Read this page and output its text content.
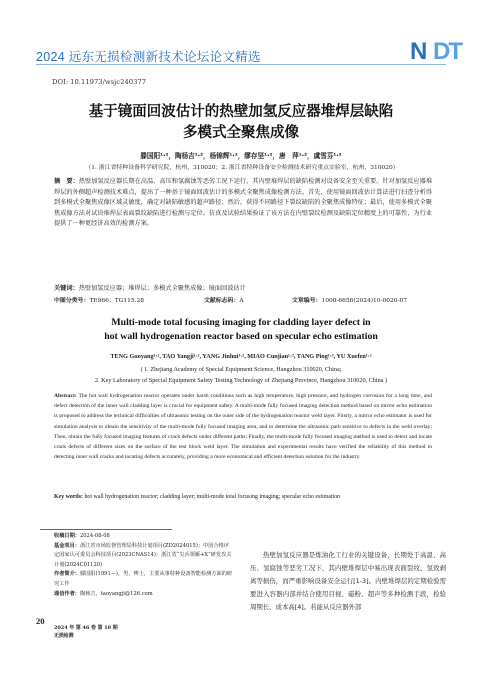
2024 远东无损检测新技术论坛论文精选	N DT
DOI: 10.11973/wsjc240377
基于镜面回波估计的热壁加氢反应器堆焊层缺陷
多模式全聚焦成像
滕国阳¹·²，陶杨吉¹·²，杨锦辉¹·²，缪存坚¹·²，唐　萍¹·²，虞雪芬¹·²
（1. 浙江省特种设备科学研究院，杭州，310020；2. 浙江省特种设备安全检测技术研究重点实验室，杭州，310020）
摘　要：热壁加氢反应器长期在高温、高压和氢腐蚀等恶劣工况下运行，其内壁堆焊层的缺陷检测对设备安全至关重要。针对加氢反应器堆焊层的外侧超声检测技术难点，提出了一种基于镜面回波估计的多模式全聚焦成像检测方法。首先，使用镜面回波估计算法进行扫查分析得到多模式全聚焦成像区域灵敏度，确定对缺陷敏感的超声路径；然后，获得不同路径下裂纹缺陷的全聚焦成像特征；最后，使用多模式全聚焦成像方法对试块堆焊层表面裂纹缺陷进行检测与定位。仿真及试验结果验证了该方法在内壁裂纹检测及缺陷定位精度上的可靠性，为行业提供了一种更经济高效的检测方案。
关键词：热壁加氢反应器；堆焊层；多模式全聚焦成像；镜面回波估计
中图分类号：TE966；TG115.28	文献标志码：A	文章编号：1000-6656(2024)10-0020-07
Multi-mode total focusing imaging for cladding layer defect in
hot wall hydrogenation reactor based on specular echo estimation
TENG Guoyang¹·², TAO Yangji¹·², YANG Jinhui¹·², MIAO Cunjian¹·², TANG Ping¹·², YU Xuefen¹·²
( 1. Zhejiang Academy of Special Equipment Science, Hangzhou 310020, China;
2. Key Laboratory of Special Equipment Safety Testing Technology of Zhejiang Province, Hangzhou 310020, China )
Abstract: The hot wall hydrogenation reactor operates under harsh conditions such as high temperature, high pressure, and hydrogen corrosion for a long time, and defect detection of the inner wall cladding layer is crucial for equipment safety. A multi-mode fully focused imaging detection method based on mirror echo estimation is proposed to address the technical difficulties of ultrasonic testing on the outer side of the hydrogenation reactor weld layer. Firstly, a mirror echo estimator is used for simulation analysis to obtain the sensitivity of the multi-mode fully focused imaging area, and to determine the ultrasonic path sensitive to defects in the weld overlay; Then, obtain the fully focused imaging features of crack defects under different paths; Finally, the multi-mode fully focused imaging method is used to detect and locate crack defects of different sizes on the surface of the test block weld layer. The simulation and experimental results have verified the reliability of this method in detecting inner wall cracks and locating defects accurately, providing a more economical and efficient detection solution for the industry.
Key words: hot wall hydrogenation reactor; cladding layer; multi-mode total focusing imaging; specular echo estimation
收稿日期：2024-08-08
基金项目：浙江省市场监督管理局科技计划项目(ZD2024015)；中国合格评定国家认可委员会科技项目(2023CNAS14)；浙江省“尖兵领雁+X”研发攻关计划(2024C01120)
作者简介：滕国阳(1991—)，男，博士，主要从事特种设备智能检测方面的研究工作
通信作者：陶杨吉，taoyangji@126.com
热壁加氢反应器是炼油化工行业的关键设备，长期处于高温、高压、氢腐蚀等恶劣工况下，其内壁堆焊层中易出现表面裂纹、氢致剥离等损伤，而严重影响设备安全运行[1-3]。内壁堆焊层的定期检验需要进入容器内部并结合使用目视、磁粉、超声等多种检测手段，检验周期长、成本高[4]。若能从反应器外部
20
2024 年 第 46 卷 第 10 期
无损检测
